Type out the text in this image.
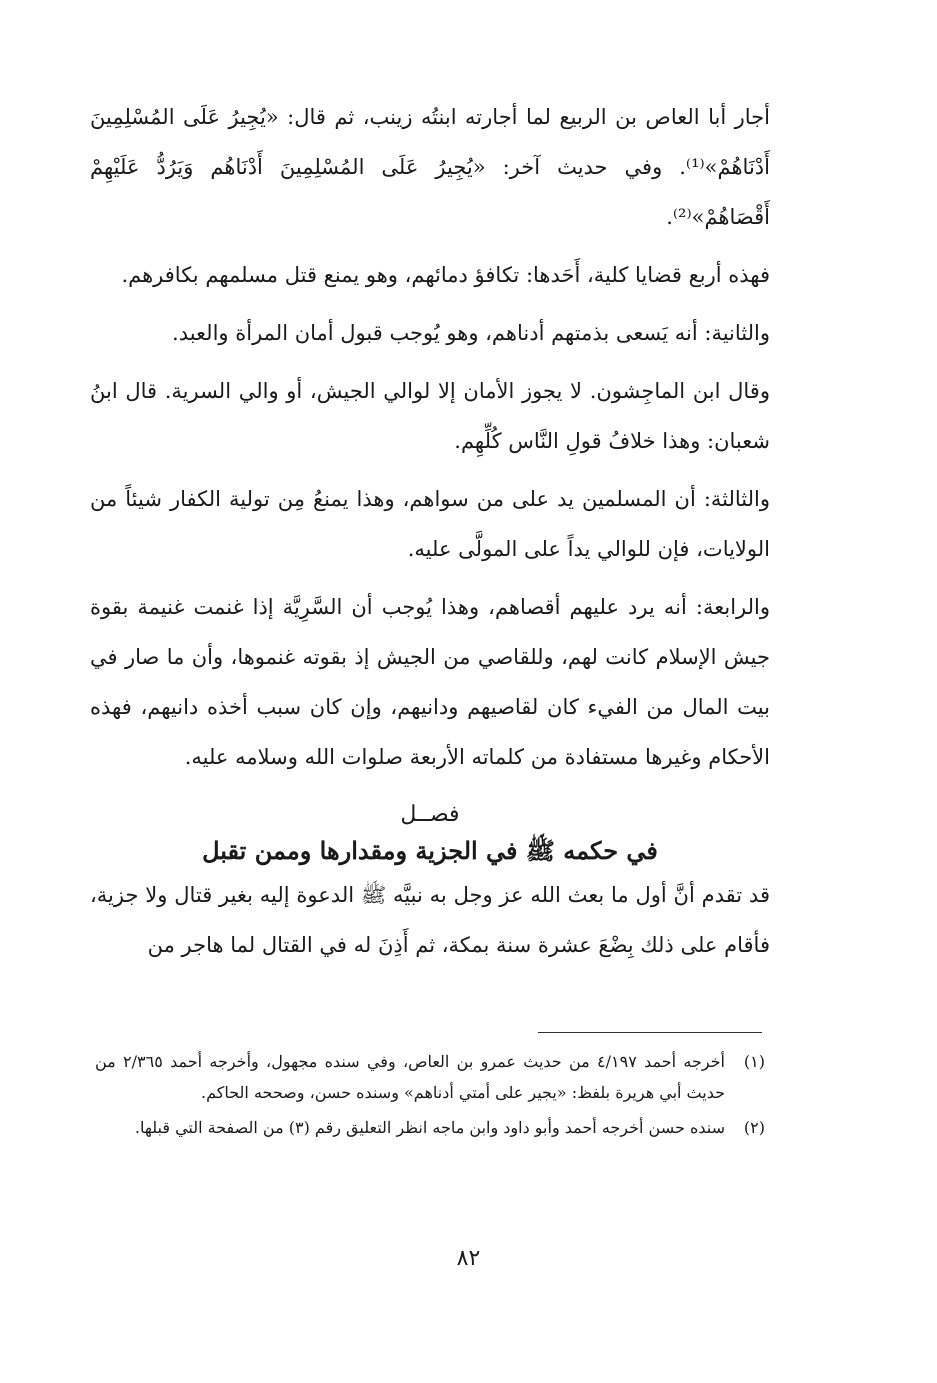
أجار أبا العاص بن الربيع لما أجارته ابنتُه زينب، ثم قال: «يُجِيرُ عَلَى المُسْلِمِينَ أَدْنَاهُمْ»⁽¹⁾. وفي حديث آخر: «يُجِيرُ عَلَى المُسْلِمِينَ أَدْنَاهُم وَيَرُدُّ عَلَيْهِمْ أَقْصَاهُمْ»⁽²⁾.

فهذه أربع قضايا كلية، أَحَدها: تكافؤ دمائهم، وهو يمنع قتل مسلمهم بكافرهم.

والثانية: أنه يَسعى بذمتهم أدناهم، وهو يُوجب قبول أمان المرأة والعبد.

وقال ابن الماجِشون. لا يجوز الأمان إلا لوالي الجيش، أو والي السرية. قال ابنُ شعبان: وهذا خلافُ قولِ النَّاس كُلِّهِم.

والثالثة: أن المسلمين يد على من سواهم، وهذا يمنعُ مِن تولية الكفار شيئاً من الولايات، فإن للوالي يداً على المولَّى عليه.

والرابعة: أنه يرد عليهم أقصاهم، وهذا يُوجب أن السَّرِيَّة إذا غنمت غنيمة بقوة جيش الإسلام كانت لهم، وللقاصي من الجيش إذ بقوته غنموها، وأن ما صار في بيت المال من الفيء كان لقاصيهم ودانيهم، وإن كان سبب أخذه دانيهم، فهذه الأحكام وغيرها مستفادة من كلماته الأربعة صلوات الله وسلامه عليه.

فصــل
في حكمه ﷺ في الجزية ومقدارها وممن تقبل

قد تقدم أنَّ أول ما بعث الله عز وجل به نبيَّه ﷺ الدعوة إليه بغير قتال ولا جزية، فأقام على ذلك بِضْعَ عشرة سنة بمكة، ثم أَذِنَ له في القتال لما هاجر من

(١)
أخرجه أحمد ٤/١٩٧ من حديث عمرو بن العاص، وفي سنده مجهول، وأخرجه أحمد ٢/٣٦٥ من حديث أبي هريرة بلفظ: «يجير على أمتي أدناهم» وسنده حسن، وصححه الحاكم.
(٢)
سنده حسن أخرجه أحمد وأبو داود وابن ماجه انظر التعليق رقم (٣) من الصفحة التي قبلها.
٨٢
